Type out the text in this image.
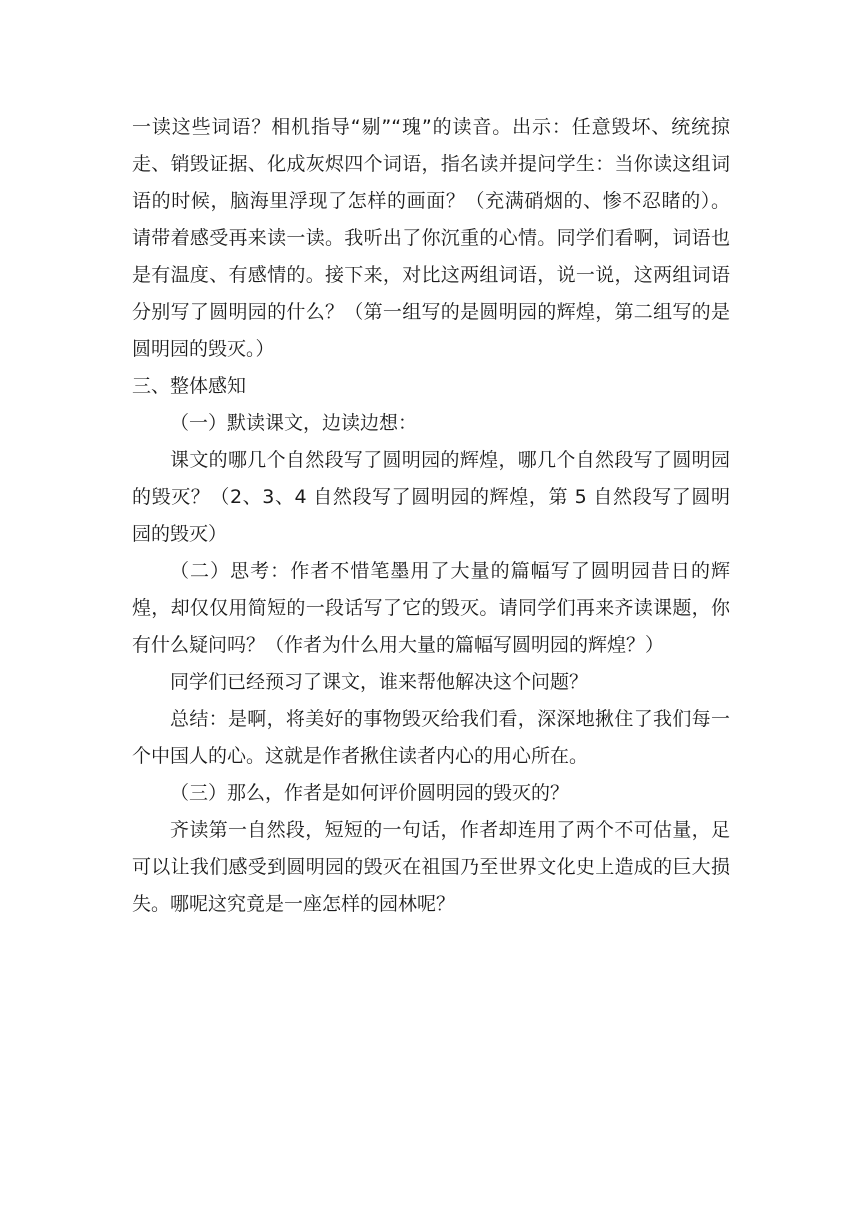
一读这些词语？相机指导“剔”“瑰”的读音。出示：任意毁坏、统统掠走、销毁证据、化成灰烬四个词语，指名读并提问学生：当你读这组词语的时候，脑海里浮现了怎样的画面？（充满硝烟的、惨不忍睹的）。请带着感受再来读一读。我听出了你沉重的心情。同学们看啊，词语也是有温度、有感情的。接下来，对比这两组词语，说一说，这两组词语分别写了圆明园的什么？（第一组写的是圆明园的辉煌，第二组写的是圆明园的毁灭。）

三、整体感知

（一）默读课文，边读边想：

课文的哪几个自然段写了圆明园的辉煌，哪几个自然段写了圆明园的毁灭？（2、3、4 自然段写了圆明园的辉煌，第 5 自然段写了圆明园的毁灭）

（二）思考：作者不惜笔墨用了大量的篇幅写了圆明园昔日的辉煌，却仅仅用简短的一段话写了它的毁灭。请同学们再来齐读课题，你有什么疑问吗？（作者为什么用大量的篇幅写圆明园的辉煌？）

同学们已经预习了课文，谁来帮他解决这个问题？

总结：是啊，将美好的事物毁灭给我们看，深深地揪住了我们每一个中国人的心。这就是作者揪住读者内心的用心所在。

（三）那么，作者是如何评价圆明园的毁灭的？

齐读第一自然段，短短的一句话，作者却连用了两个不可估量，足可以让我们感受到圆明园的毁灭在祖国乃至世界文化史上造成的巨大损失。哪呢这究竟是一座怎样的园林呢？
